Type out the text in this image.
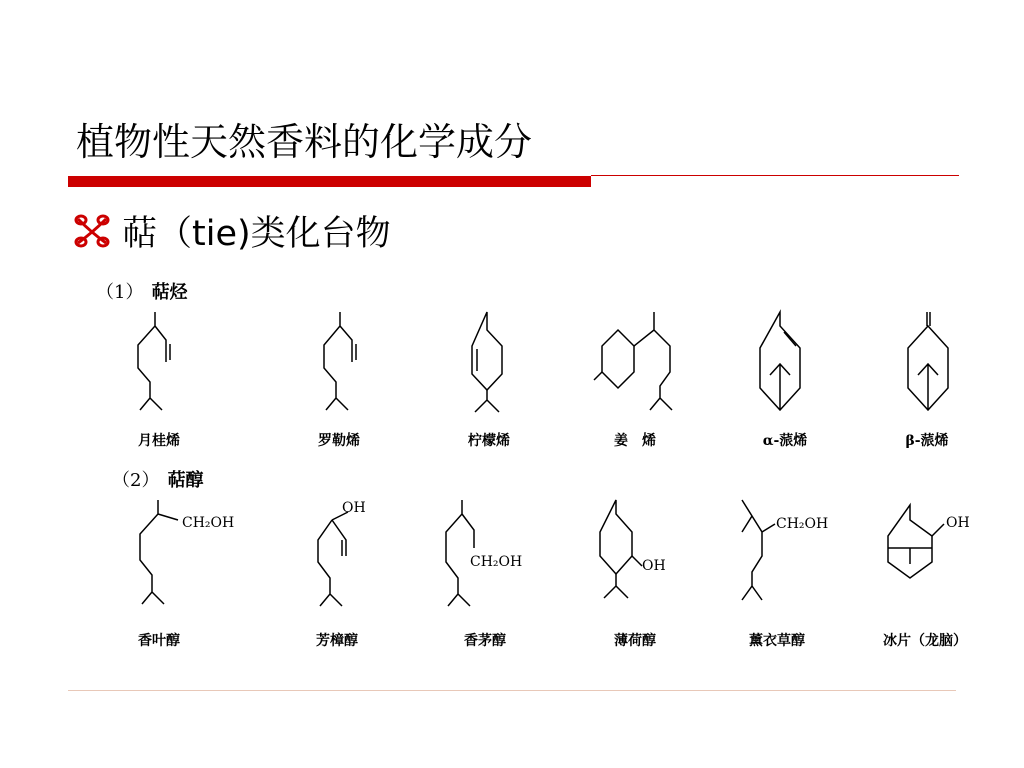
植物性天然香料的化学成分
萜（tie)类化台物
（1） 萜烃
（2） 萜醇
CH₂OH
OH
CH₂OH	OH
CH₂OH	OH
月桂烯	罗勒烯	柠檬烯	姜　烯	α-蒎烯	β-蒎烯
香叶醇	芳樟醇	香茅醇	薄荷醇	薰衣草醇	冰片（龙脑）
